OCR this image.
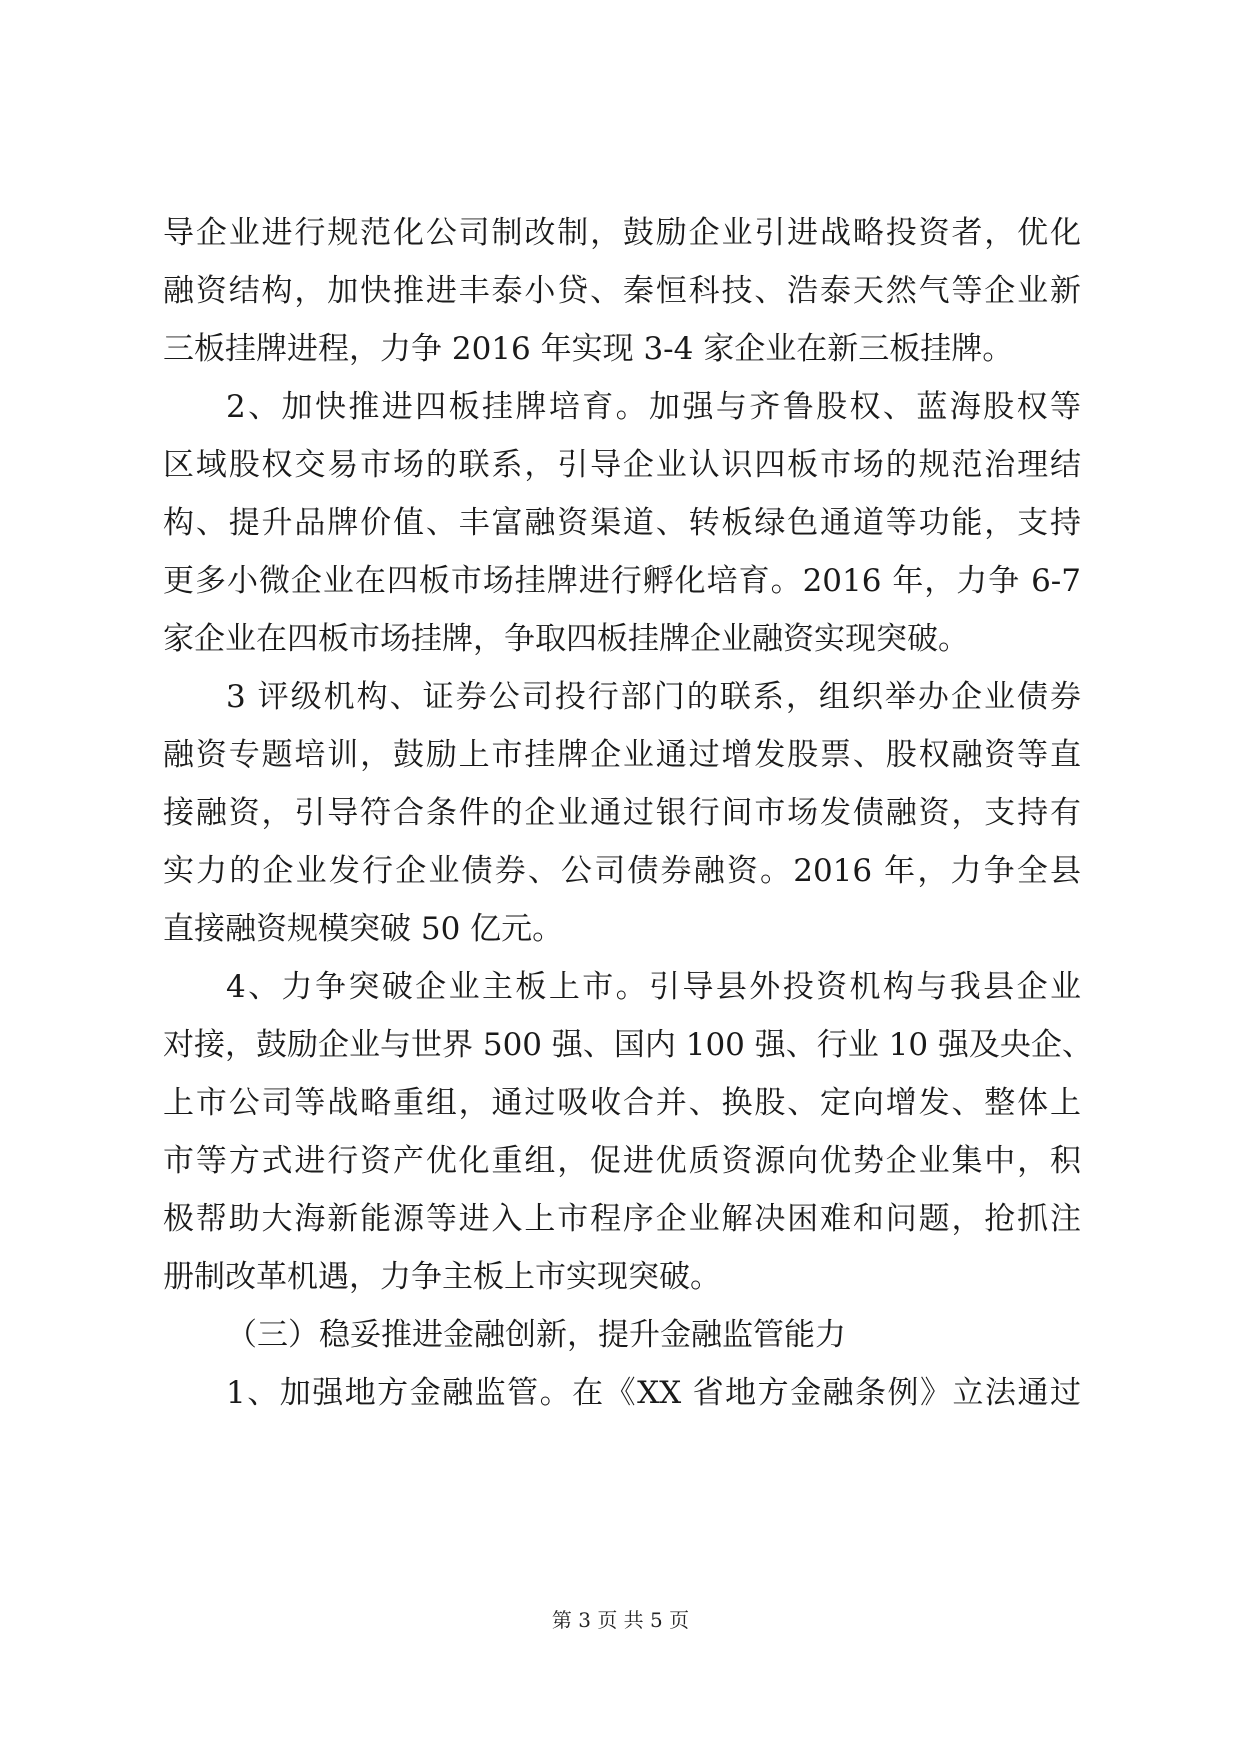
导企业进行规范化公司制改制，鼓励企业引进战略投资者，优化
融资结构，加快推进丰泰小贷、秦恒科技、浩泰天然气等企业新
三板挂牌进程，力争 2016 年实现 3-4 家企业在新三板挂牌。
2、加快推进四板挂牌培育。加强与齐鲁股权、蓝海股权等
区域股权交易市场的联系，引导企业认识四板市场的规范治理结
构、提升品牌价值、丰富融资渠道、转板绿色通道等功能，支持
更多小微企业在四板市场挂牌进行孵化培育。2016 年，力争 6-7
家企业在四板市场挂牌，争取四板挂牌企业融资实现突破。
3 评级机构、证券公司投行部门的联系，组织举办企业债券
融资专题培训，鼓励上市挂牌企业通过增发股票、股权融资等直
接融资，引导符合条件的企业通过银行间市场发债融资，支持有
实力的企业发行企业债券、公司债券融资。2016 年，力争全县
直接融资规模突破 50 亿元。
4、力争突破企业主板上市。引导县外投资机构与我县企业
对接，鼓励企业与世界 500 强、国内 100 强、行业 10 强及央企、
上市公司等战略重组，通过吸收合并、换股、定向增发、整体上
市等方式进行资产优化重组，促进优质资源向优势企业集中，积
极帮助大海新能源等进入上市程序企业解决困难和问题，抢抓注
册制改革机遇，力争主板上市实现突破。
（三）稳妥推进金融创新，提升金融监管能力
1、加强地方金融监管。在《XX 省地方金融条例》立法通过
第 3 页 共 5 页
